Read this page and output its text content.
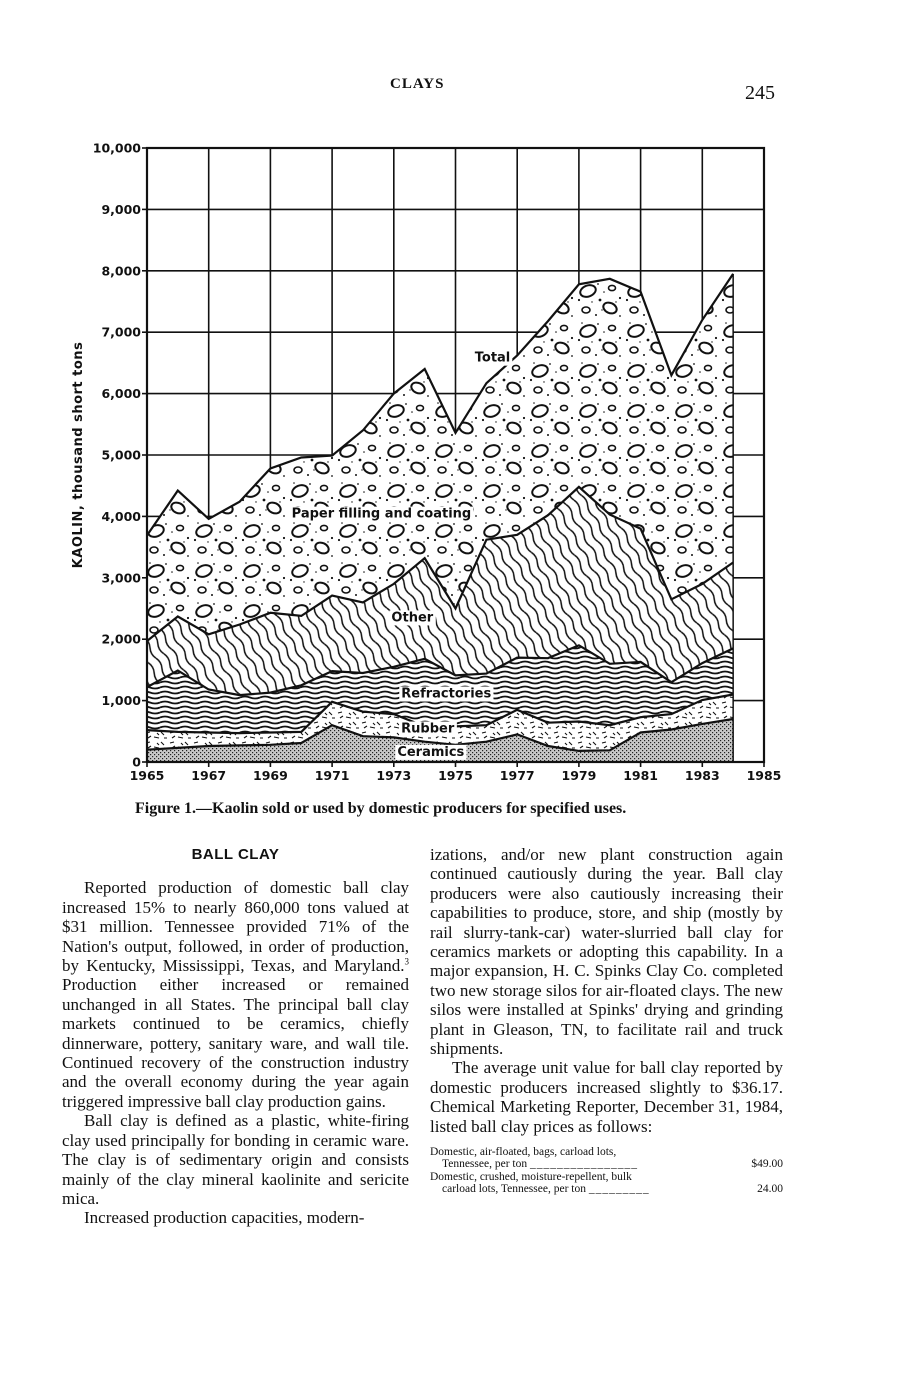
CLAYS	245
0
1,000
2,000
3,000
4,000
5,000
6,000
7,000
8,000
9,000
10,000
1965 1967 1969 1971 1973 1975 1977 1979 1981 1983 1985
Ceramics
Rubber
Refractories
Other
Paper filling and coating
Total
KAOLIN, thousand short tons
Figure 1.—Kaolin sold or used by domestic producers for specified uses.
BALL CLAY

Reported production of domestic ball clay increased 15% to nearly 860,000 tons valued at $31 million. Tennessee provided 71% of the Nation's output, followed, in order of production, by Kentucky, Mississippi, Texas, and Maryland.$^3$ Production either increased or remained unchanged in all States. The principal ball clay markets continued to be ceramics, chiefly dinnerware, pottery, sanitary ware, and wall tile. Continued recovery of the construction industry and the overall economy during the year again triggered impressive ball clay production gains.

Ball clay is defined as a plastic, white-firing clay used principally for bonding in ceramic ware. The clay is of sedimentary origin and consists mainly of the clay mineral kaolinite and sericite mica.

Increased production capacities, modern-

izations, and/or new plant construction again continued cautiously during the year. Ball clay producers were also cautiously increasing their capabilities to produce, store, and ship (mostly by rail slurry-tank-car) water-slurried ball clay for ceramics markets or adopting this capability. In a major expansion, H. C. Spinks Clay Co. completed two new storage silos for air-floated clays. The new silos were installed at Spinks' drying and grinding plant in Gleason, TN, to facilitate rail and truck shipments.

The average unit value for ball clay reported by domestic producers increased slightly to $36.17. Chemical Marketing Reporter, December 31, 1984, listed ball clay prices as follows:

Domestic, air-floated, bags, carload lots,
Tennessee, per ton ________________	$49.00
Domestic, crushed, moisture-repellent, bulk
carload lots, Tennessee, per ton _________	24.00
